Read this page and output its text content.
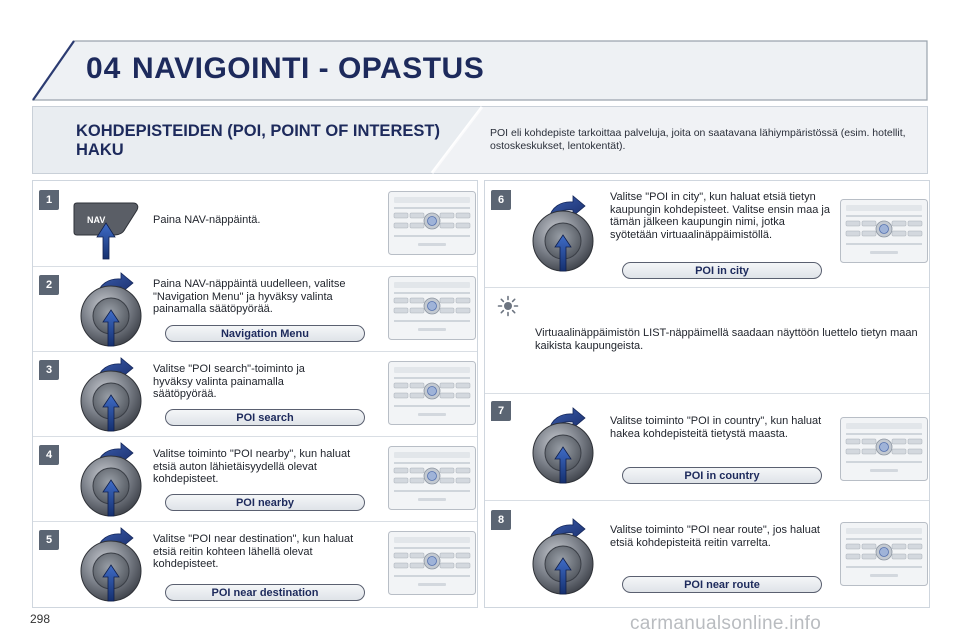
04 NAVIGOINTI - OPASTUS
KOHDEPISTEIDEN (POI, POINT OF INTEREST) HAKU
POI eli kohdepiste tarkoittaa palveluja, joita on saatavana lähiympäristössä (esim. hotellit, ostoskeskukset, lentokentät).
NAV	Paina NAV-näppäintä.
Paina NAV-näppäintä uudelleen, valitse "Navigation Menu" ja hyväksy valinta painamalla säätöpyörää.
Navigation Menu
Valitse "POI search"-toiminto ja hyväksy valinta painamalla säätöpyörää.
POI search
Valitse toiminto "POI nearby", kun haluat etsiä auton lähietäisyydellä olevat kohdepisteet.
POI nearby
Valitse "POI near destination", kun haluat etsiä reitin kohteen lähellä olevat kohdepisteet.
POI near destination
1
2
3
4
5
Valitse "POI in city", kun haluat etsiä tietyn kaupungin kohdepisteet. Valitse ensin maa ja tämän jälkeen kaupungin nimi, jotka syötetään virtuaalinäppäimistöllä.
POI in city
Virtuaalinäppäimistön LIST-näppäimellä saadaan näyttöön luettelo tietyn maan kaikista kaupungeista.
Valitse toiminto "POI in country", kun haluat hakea kohdepisteitä tietystä maasta.
POI in country
Valitse toiminto "POI near route", jos haluat etsiä kohdepisteitä reitin varrelta.
POI near route
6
7
8
298	carmanualsonline.info
